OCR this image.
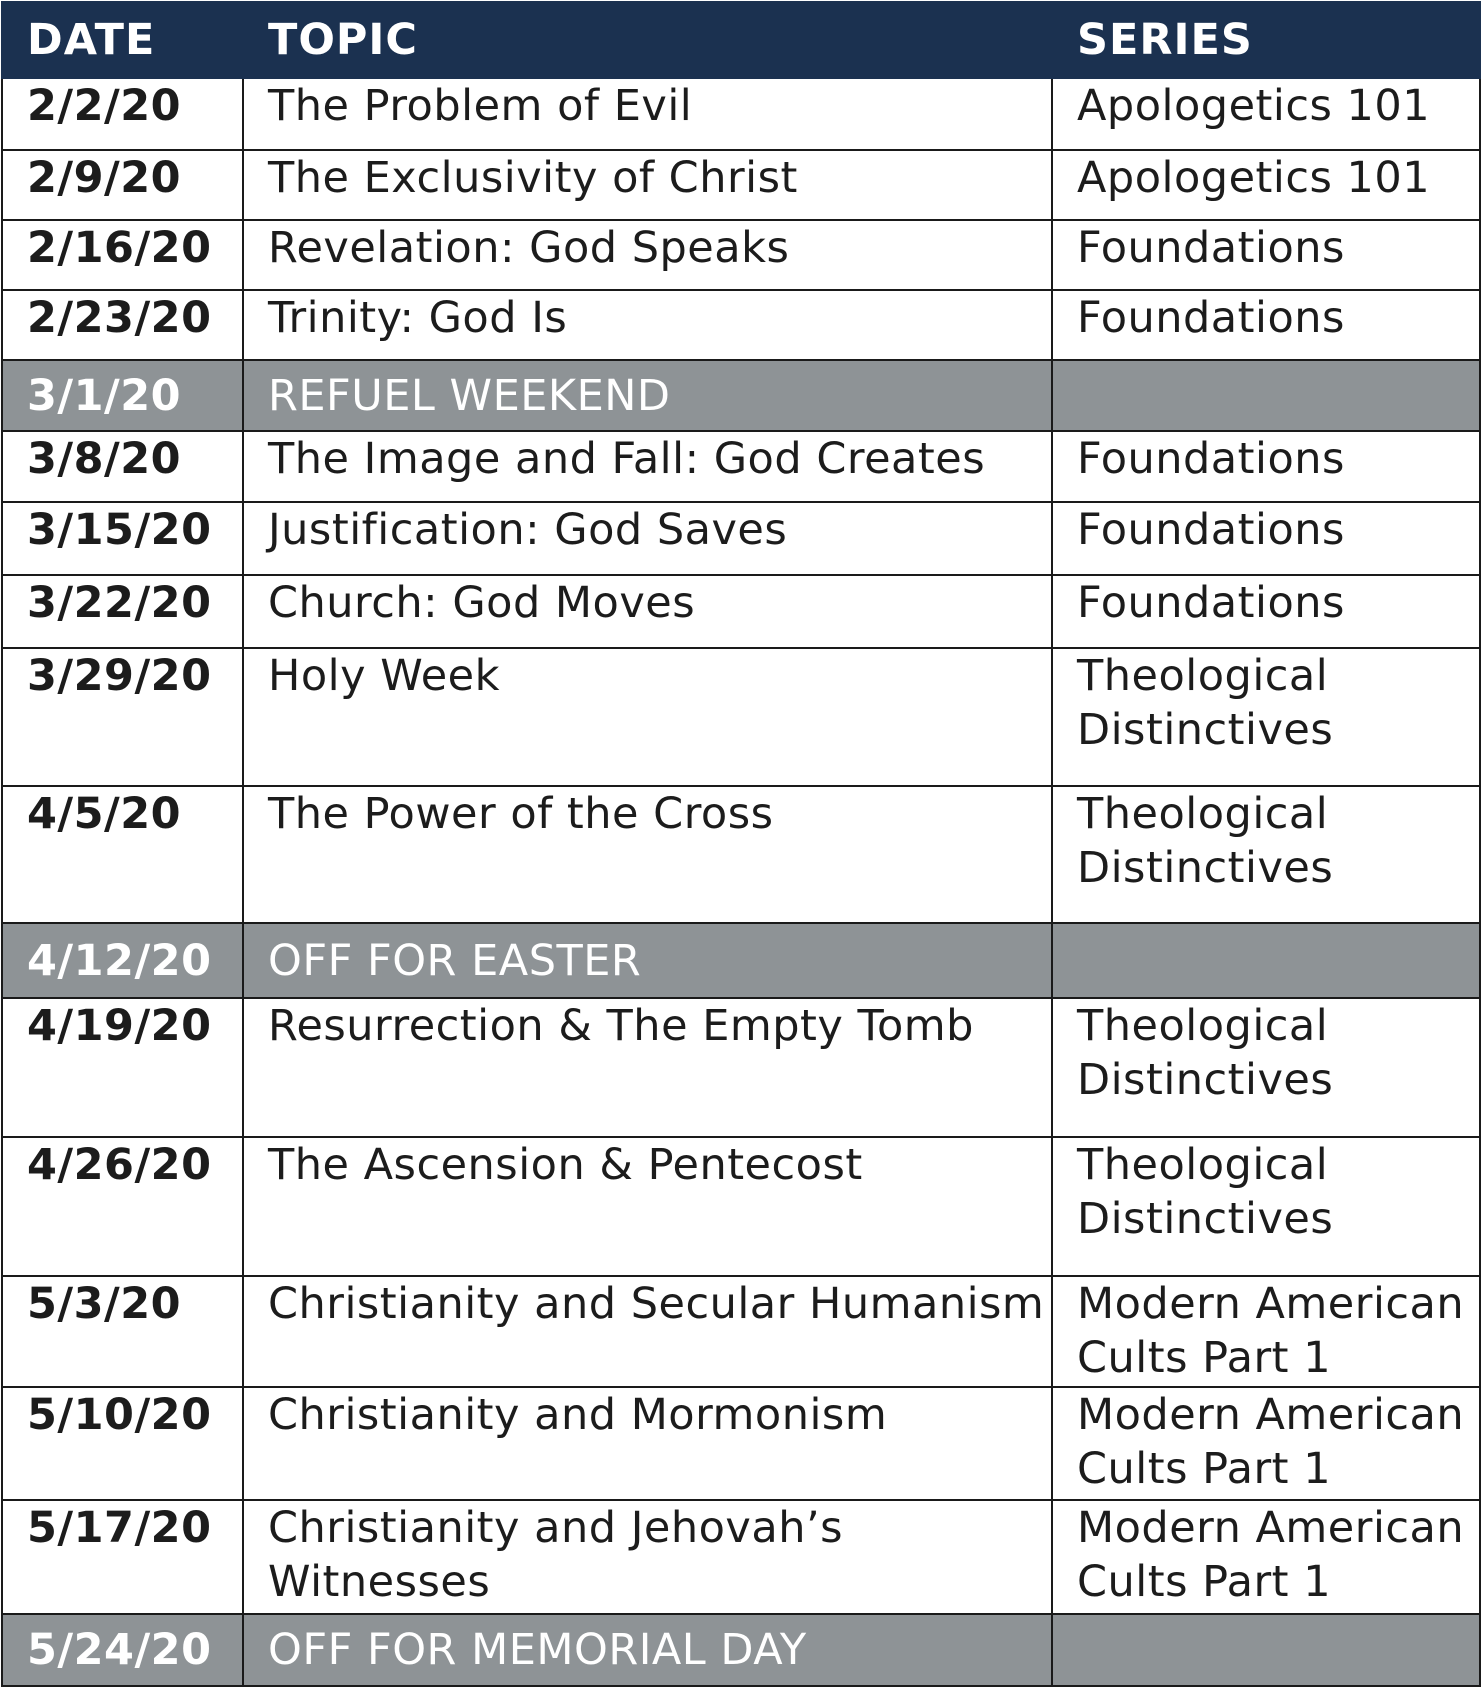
DATE	TOPIC	SERIES
2/2/20	The Problem of Evil	Apologetics 101
2/9/20	The Exclusivity of Christ	Apologetics 101
2/16/20	Revelation: God Speaks	Foundations
2/23/20	Trinity: God Is	Foundations
3/1/20	REFUEL WEEKEND	
3/8/20	The Image and Fall: God Creates	Foundations
3/15/20	Justification: God Saves	Foundations
3/22/20	Church: God Moves	Foundations
3/29/20	Holy Week	Theological Distinctives
4/5/20	The Power of the Cross	Theological Distinctives
4/12/20	OFF FOR EASTER	
4/19/20	Resurrection & The Empty Tomb	Theological Distinctives
4/26/20	The Ascension & Pentecost	Theological Distinctives
5/3/20	Christianity and Secular Humanism	Modern American Cults Part 1
5/10/20	Christianity and Mormonism	Modern American Cults Part 1
5/17/20	Christianity and Jehovah’s Witnesses	Modern American Cults Part 1
5/24/20	OFF FOR MEMORIAL DAY	
